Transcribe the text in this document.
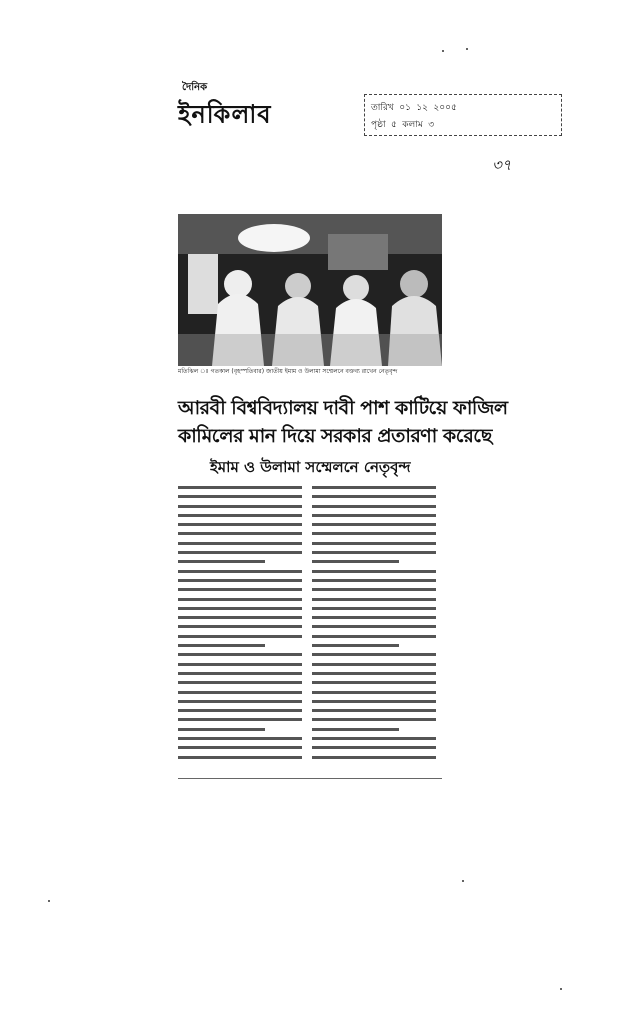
দৈনিক
ইনকিলাব	তারিখ ০১ ১২ ২০০৫
পৃষ্ঠা ৫ কলাম ৩
৩৭
মতিঝিল ঃ গতকাল (বৃহস্পতিবার) জাতীয় ইমাম ও উলামা সম্মেলনে বক্তব্য রাখেন নেতৃবৃন্দ
আরবী বিশ্ববিদ্যালয় দাবী পাশ কাটিয়ে ফাজিল
কামিলের মান দিয়ে সরকার প্রতারণা করেছে
ইমাম ও উলামা সম্মেলনে নেতৃবৃন্দ
